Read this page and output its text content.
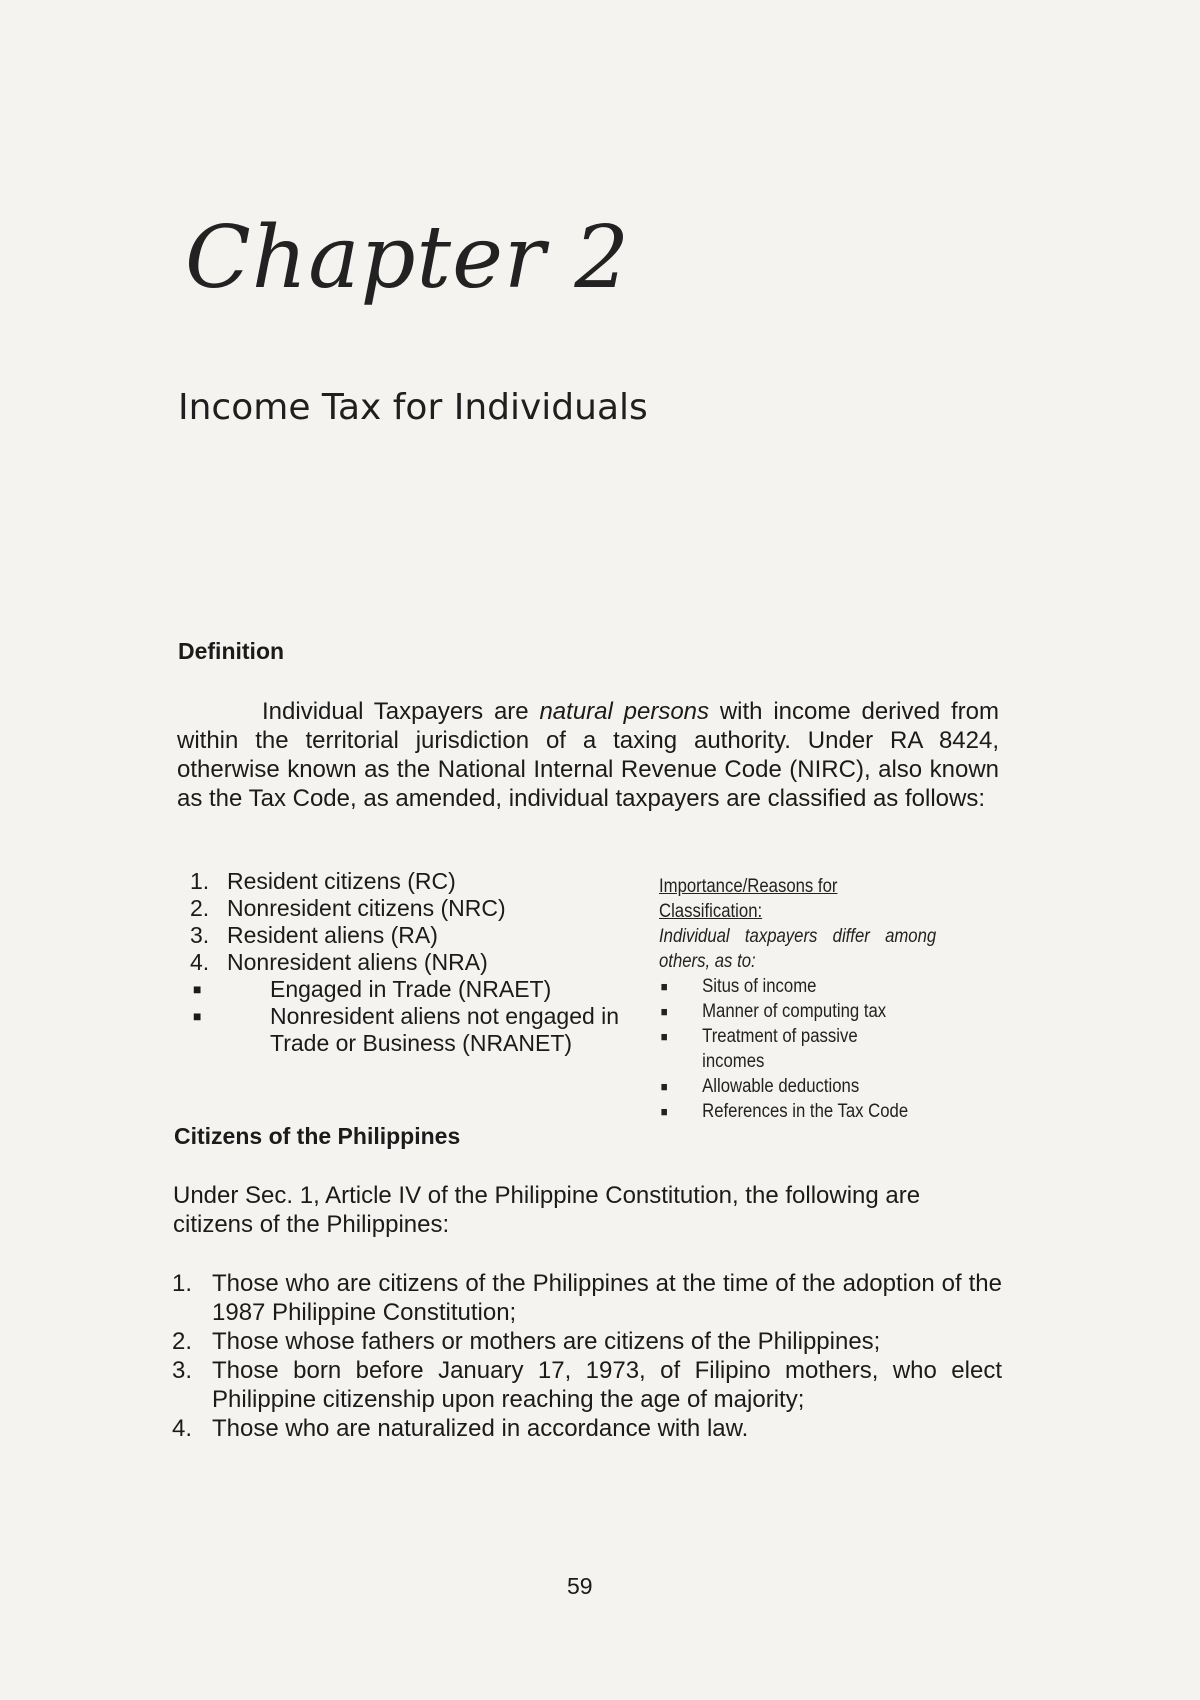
Chapter 2
Income Tax for Individuals
Definition
Individual Taxpayers are natural persons with income derived from within the territorial jurisdiction of a taxing authority. Under RA 8424, otherwise known as the National Internal Revenue Code (NIRC), also known as the Tax Code, as amended, individual taxpayers are classified as follows:
1. Resident citizens (RC)
2. Nonresident citizens (NRC)
3. Resident aliens (RA)
4. Nonresident aliens (NRA)
■	Engaged in Trade (NRAET)
■	Nonresident aliens not engaged in Trade or Business (NRANET)
Importance/Reasons for Classification:
Individual taxpayers differ among others, as to:
■	Situs of income
■	Manner of computing tax
■	Treatment of passive incomes
■	Allowable deductions
■	References in the Tax Code
Citizens of the Philippines
Under Sec. 1, Article IV of the Philippine Constitution, the following are citizens of the Philippines:
1. Those who are citizens of the Philippines at the time of the adoption of the 1987 Philippine Constitution;
2. Those whose fathers or mothers are citizens of the Philippines;
3. Those born before January 17, 1973, of Filipino mothers, who elect Philippine citizenship upon reaching the age of majority;
4. Those who are naturalized in accordance with law.
59
